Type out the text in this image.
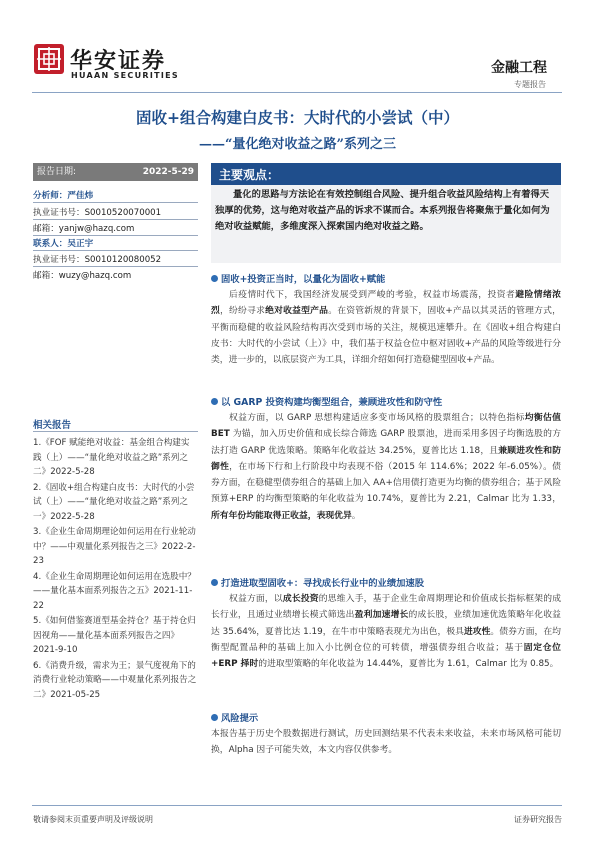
华安证券
HUAAN SECURITIES	金融工程
专题报告
固收+组合构建白皮书：大时代的小尝试（中）
——“量化绝对收益之路”系列之三
报告日期:	2022-5-29
分析师：严佳炜
执业证书号：S0010520070001
邮箱：yanjw@hazq.com
联系人：吴正宇
执业证书号：S0010120080052
邮箱：wuzy@hazq.com
相关报告
1.《FOF 赋能绝对收益：基金组合构建实践（上）——“量化绝对收益之路”系列之二》2022-5-28
2.《固收+组合构建白皮书：大时代的小尝试（上）——“量化绝对收益之路”系列之一》2022-5-28
3.《企业生命周期理论如何运用在行业轮动中？——中观量化系列报告之三》2022-2-23
4.《企业生命周期理论如何运用在选股中？——量化基本面系列报告之五》2021-11-22
5.《如何借鉴赛道型基金持仓？基于持仓归因视角——量化基本面系列报告之四》2021-9-10
6.《消费升级，需求为王；景气度视角下的消费行业轮动策略——中观量化系列报告之二》2021-05-25
主要观点：
量化的思路与方法论在有效控制组合风险、提升组合收益风险结构上有着得天独厚的优势，这与绝对收益产品的诉求不谋而合。本系列报告将聚焦于量化如何为绝对收益赋能，多维度深入探索国内绝对收益之路。
固收+投资正当时，以量化为固收+赋能
后疫情时代下，我国经济发展受到严峻的考验，权益市场震荡，投资者避险情绪浓烈，纷纷寻求绝对收益型产品。在资管新规的背景下，固收+产品以其灵活的管理方式，平衡而稳健的收益风险结构再次受到市场的关注，规模迅速攀升。在《固收+组合构建白皮书：大时代的小尝试（上）》中，我们基于权益仓位中枢对固收+产品的风险等级进行分类，进一步的，以底层资产为工具，详细介绍如何打造稳健型固收+产品。
以 GARP 投资构建均衡型组合，兼顾进攻性和防守性
权益方面，以 GARP 思想构建适应多变市场风格的股票组合；以特色指标均衡估值 BET 为锚，加入历史价值和成长综合筛选 GARP 股票池，进而采用多因子均衡选股的方法打造 GARP 优选策略。策略年化收益达 34.25%，夏普比达 1.18，且兼顾进攻性和防御性，在市场下行和上行阶段中均表现不俗（2015 年 114.6%；2022 年-6.05%）。债券方面，在稳健型债券组合的基础上加入 AA+信用债打造更为均衡的债券组合；基于风险预算+ERP 的均衡型策略的年化收益为 10.74%，夏普比为 2.21，Calmar 比为 1.33，所有年份均能取得正收益，表现优异。
打造进取型固收+：寻找成长行业中的业绩加速股
权益方面，以成长投资的思维入手，基于企业生命周期理论和价值成长指标框架的成长行业，且通过业绩增长模式筛选出盈利加速增长的成长股，业绩加速优选策略年化收益达 35.64%，夏普比达 1.19，在牛市中策略表现尤为出色，极具进攻性。债券方面，在均衡型配置品种的基础上加入小比例仓位的可转债，增强债券组合收益；基于固定仓位+ERP 择时的进取型策略的年化收益为 14.44%，夏普比为 1.61，Calmar 比为 0.85。
风险提示
本报告基于历史个股数据进行测试，历史回测结果不代表未来收益，未来市场风格可能切换，Alpha 因子可能失效，本文内容仅供参考。
敬请参阅末页重要声明及评级说明	证券研究报告
